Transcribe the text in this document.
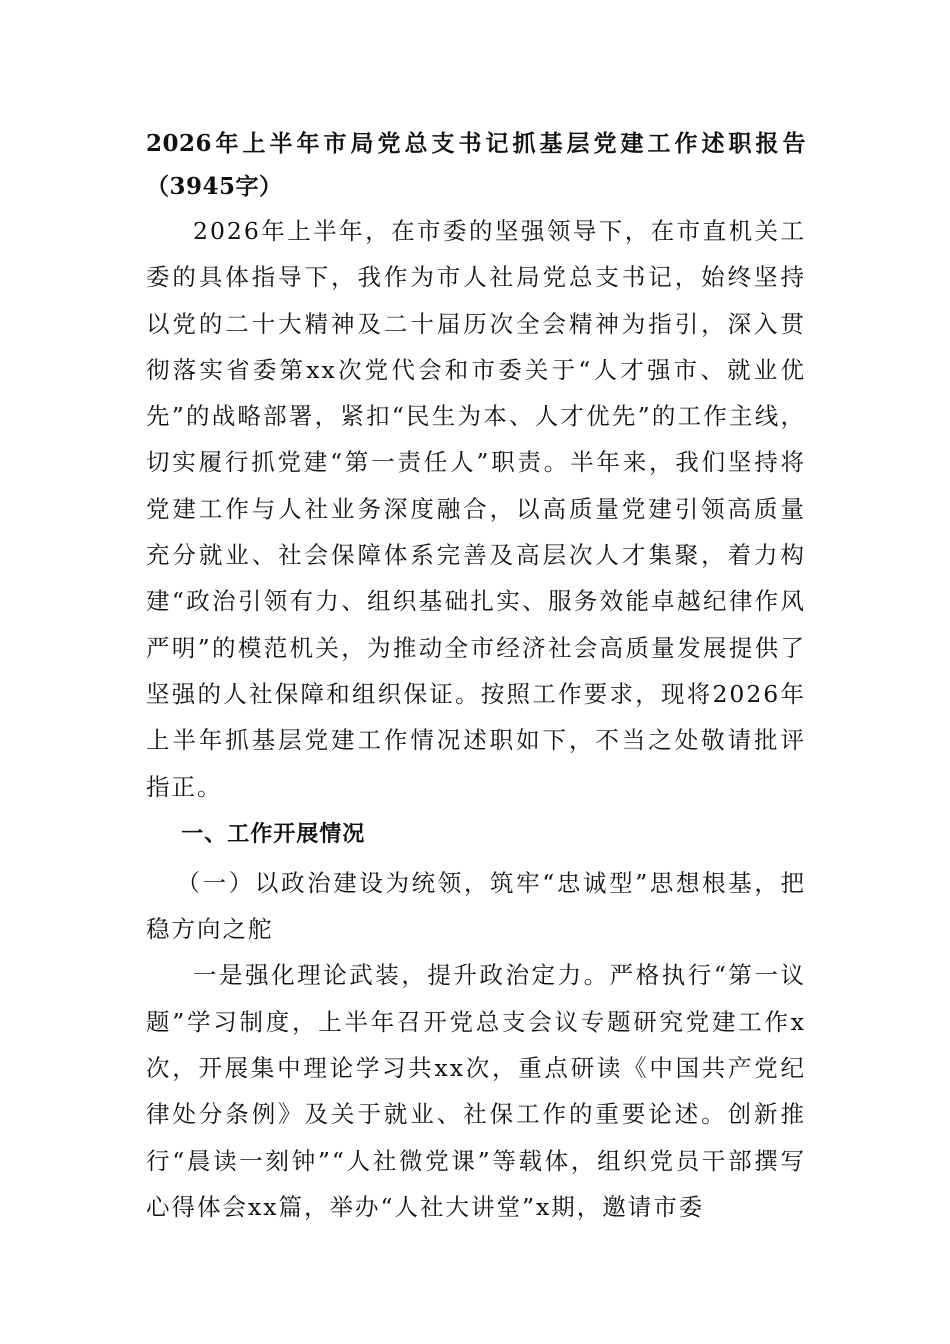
2026年上半年市局党总支书记抓基层党建工作述职报告（3945字）

2026年上半年，在市委的坚强领导下，在市直机关工委的具体指导下，我作为市人社局党总支书记，始终坚持以党的二十大精神及二十届历次全会精神为指引，深入贯彻落实省委第xx次党代会和市委关于“人才强市、就业优先”的战略部署，紧扣“民生为本、人才优先”的工作主线，切实履行抓党建“第一责任人”职责。半年来，我们坚持将党建工作与人社业务深度融合，以高质量党建引领高质量充分就业、社会保障体系完善及高层次人才集聚，着力构建“政治引领有力、组织基础扎实、服务效能卓越纪律作风严明”的模范机关，为推动全市经济社会高质量发展提供了坚强的人社保障和组织保证。按照工作要求，现将2026年上半年抓基层党建工作情况述职如下，不当之处敬请批评指正。

一、工作开展情况

（一）以政治建设为统领，筑牢“忠诚型”思想根基，把稳方向之舵

一是强化理论武装，提升政治定力。严格执行“第一议题”学习制度，上半年召开党总支会议专题研究党建工作x次，开展集中理论学习共xx次，重点研读《中国共产党纪律处分条例》及关于就业、社保工作的重要论述。创新推行“晨读一刻钟”“人社微党课”等载体，组织党员干部撰写心得体会xx篇，举办“人社大讲堂”x期，邀请市委
